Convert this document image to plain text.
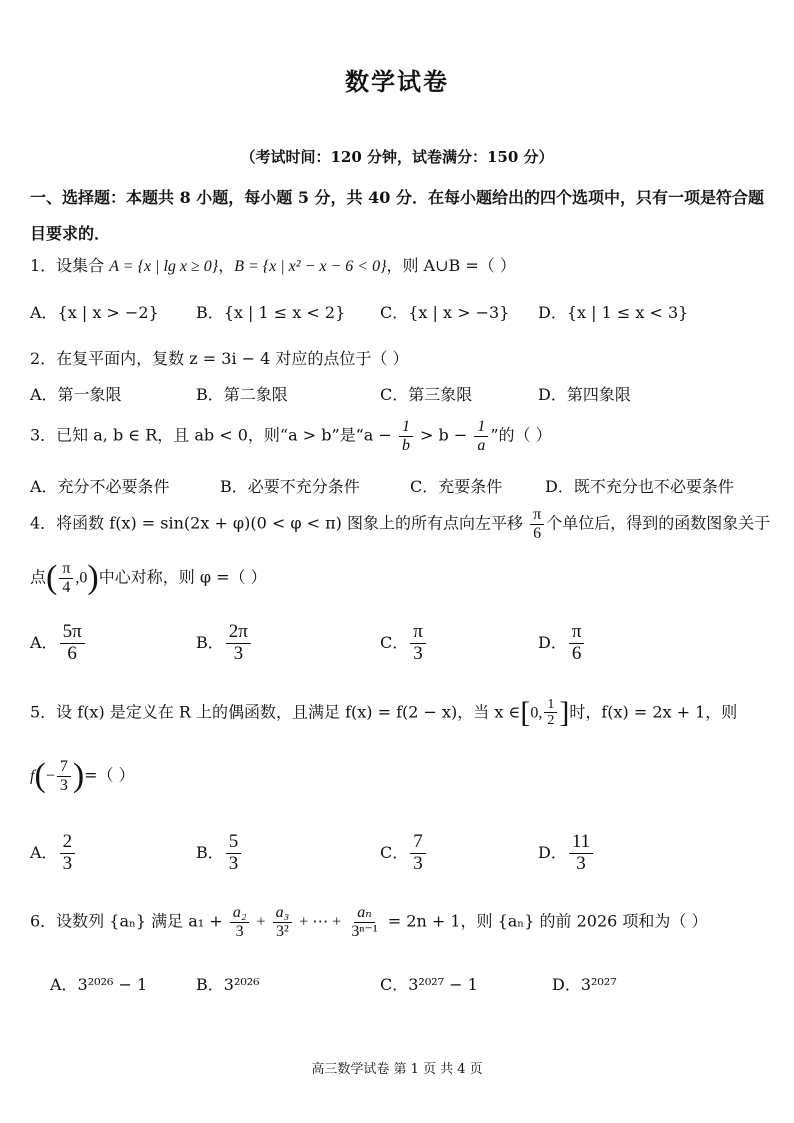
数学试卷
（考试时间：120 分钟，试卷满分：150 分）
一、选择题：本题共 8 小题，每小题 5 分，共 40 分．在每小题给出的四个选项中，只有一项是符合题目要求的．
1．设集合 A = {x | lg x ≥ 0}，B = {x | x² − x − 6 < 0}，则 A∪B =（ ）
A．{x | x > −2} B．{x | 1 ≤ x < 2} C．{x | x > −3} D．{x | 1 ≤ x < 3}
2．在复平面内，复数 z = 3i − 4 对应的点位于（ ）
A．第一象限	B．第二象限	C．第三象限	D．第四象限
3．已知 a, b ∈ R，且 ab < 0，则“a > b”是“$a - \frac{1}{b} > b - \frac{1}{a}$ ”的（ ）
A．充分不必要条件	B．必要不充分条件	C．充要条件	D．既不充分也不必要条件
4．将函数 f(x) = sin(2x + φ)(0 < φ < π) 图象上的所有点向左平移 $\frac{\pi}{6}$ 个单位后，得到的函数图象关于
点( $\frac{\pi}{4} ,0$)中心对称，则 φ =（ ）
A． $\frac{5\pi}{6}$	B． $\frac{2\pi}{3}$	C． $\frac{\pi}{3}$	D． $\frac{\pi}{6}$
5．设 f(x) 是定义在 R 上的偶函数，且满足 f(x) = f(2 − x)，当 x ∈[0, $\frac{1}{2}$ ]时，f(x) = 2x + 1，则
$f(- \frac{7}{3}$ )=（ ）
A． $\frac{2}{3}$	B． $\frac{5}{3}$	C． $\frac{7}{3}$	D． $\frac{11}{3}$
6．设数列 {aₙ} 满足 $a_1 + \frac{\text{a₂}}{3} + \frac{\text{a₃}}{\text{3²}}$ + ⋯ + $\frac{\text{aₙ}}{\text{3ⁿ⁻¹}} = 2n + 1$，则 {aₙ} 的前 2026 项和为（ ）
A．3²⁰²⁶ − 1	B．3²⁰²⁶	C．3²⁰²⁷ − 1	D．3²⁰²⁷
高三数学试卷 第 1 页 共 4 页
